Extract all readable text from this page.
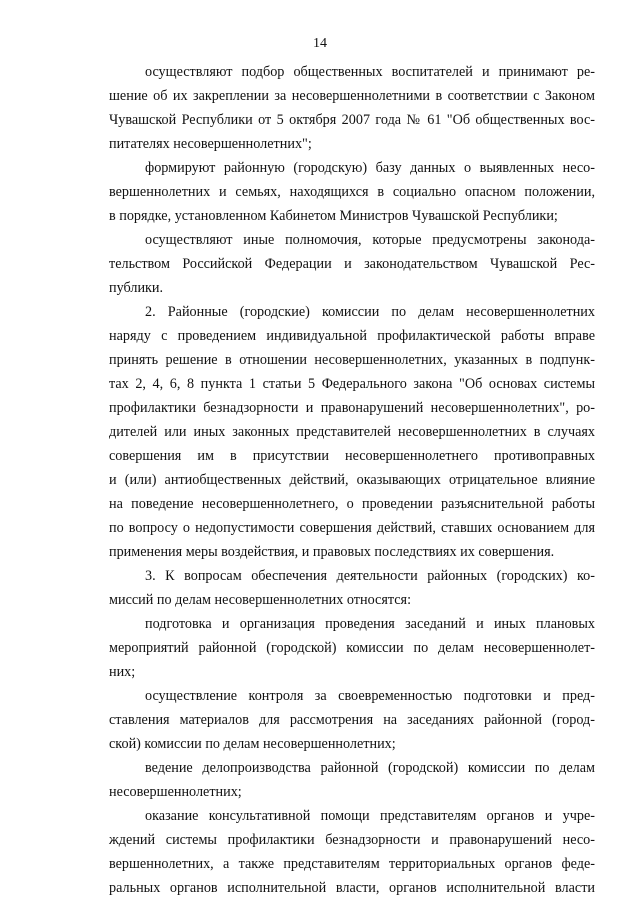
14
осуществляют подбор общественных воспитателей и принимают ре-
шение об их закреплении за несовершеннолетними в соответствии с Законом
Чувашской Республики от 5 октября 2007 года № 61 "Об общественных вос-
питателях несовершеннолетних";
формируют районную (городскую) базу данных о выявленных несо-
вершеннолетних и семьях, находящихся в социально опасном положении,
в порядке, установленном Кабинетом Министров Чувашской Республики;
осуществляют иные полномочия, которые предусмотрены законода-
тельством Российской Федерации и законодательством Чувашской Рес-
публики.
2. Районные (городские) комиссии по делам несовершеннолетних
наряду с проведением индивидуальной профилактической работы вправе
принять решение в отношении несовершеннолетних, указанных в подпунк-
тах 2, 4, 6, 8 пункта 1 статьи 5 Федерального закона "Об основах системы
профилактики безнадзорности и правонарушений несовершеннолетних", ро-
дителей или иных законных представителей несовершеннолетних в случаях
совершения им в присутствии несовершеннолетнего противоправных
и (или) антиобщественных действий, оказывающих отрицательное влияние
на поведение несовершеннолетнего, о проведении разъяснительной работы
по вопросу о недопустимости совершения действий, ставших основанием для
применения меры воздействия, и правовых последствиях их совершения.
3. К вопросам обеспечения деятельности районных (городских) ко-
миссий по делам несовершеннолетних относятся:
подготовка и организация проведения заседаний и иных плановых
мероприятий районной (городской) комиссии по делам несовершеннолет-
них;
осуществление контроля за своевременностью подготовки и пред-
ставления материалов для рассмотрения на заседаниях районной (город-
ской) комиссии по делам несовершеннолетних;
ведение делопроизводства районной (городской) комиссии по делам
несовершеннолетних;
оказание консультативной помощи представителям органов и учре-
ждений системы профилактики безнадзорности и правонарушений несо-
вершеннолетних, а также представителям территориальных органов феде-
ральных органов исполнительной власти, органов исполнительной власти
